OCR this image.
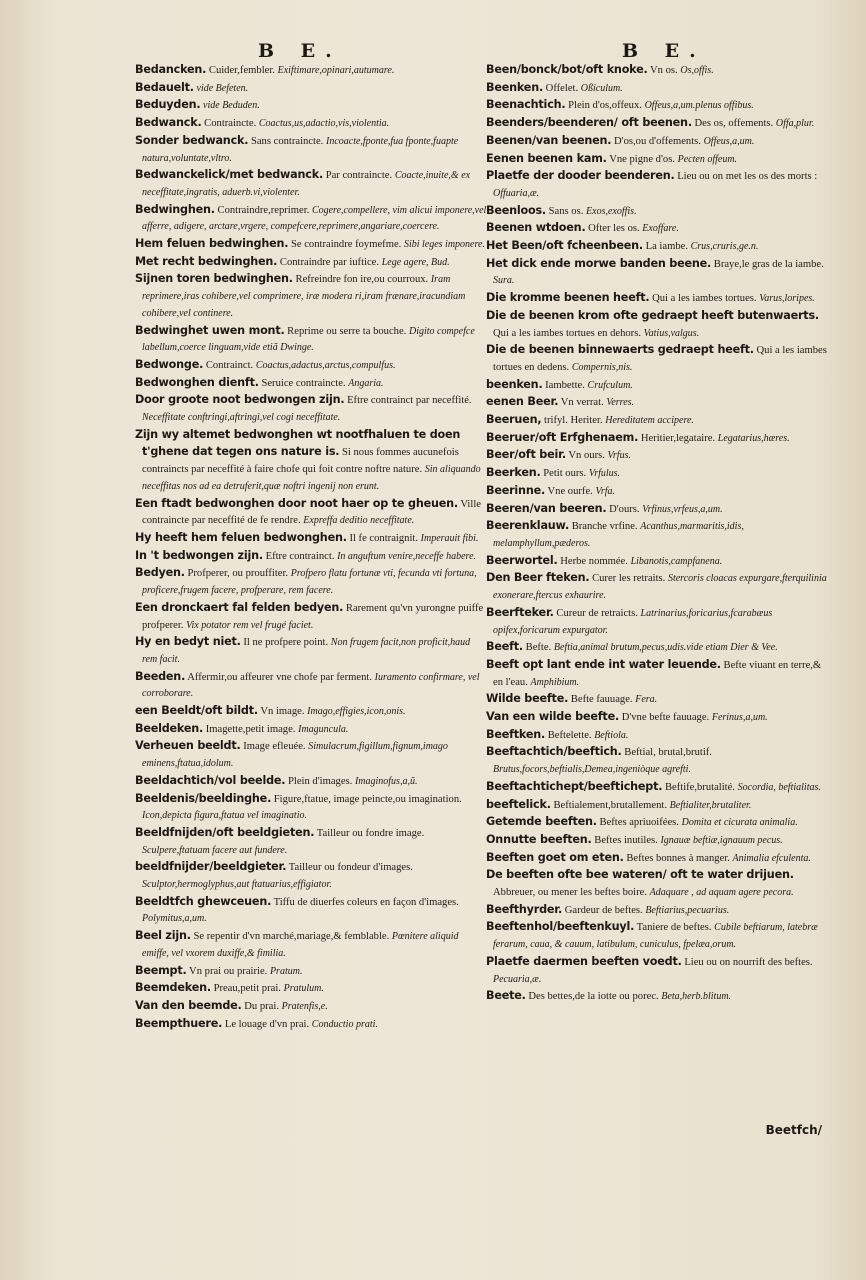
B E.	B E.

Bedancken. Cuider,fembler. Exiftimare,opinari,autumare.

Bedauelt. vide Befeten.

Beduyden. vide Beduden.

Bedwanck. Contraincte. Coactus,us,adactio,vis,violentia.

Sonder bedwanck. Sans contraincte. Incoacte,fponte,fua fponte,fuapte natura,voluntate,vltro.

Bedwanckelick/met bedwanck. Par contraincte. Coacte,inuite,& ex neceffitate,ingratis, aduerb.vi,violenter.

Bedwinghen. Contraindre,reprimer. Cogere,compellere, vim alicui imponere,vel afferre, adigere, arctare,vrgere, compefcere,reprimere,angariare,coercere.

Hem feluen bedwinghen. Se contraindre foymefme. Sibi leges imponere.

Met recht bedwinghen. Contraindre par iuftice. Lege agere, Bud.

Sijnen toren bedwinghen. Refreindre fon ire,ou courroux. Iram reprimere,iras cohibere,vel comprimere, iræ modera ri,iram frænare,iracundiam cohibere,vel continere.

Bedwinghet uwen mont. Reprime ou serre ta bouche. Digito compefce labellum,coerce linguam,vide etiã Dwinge.

Bedwonge. Contrainct. Coactus,adactus,arctus,compulfus.

Bedwonghen dienft. Seruice contraincte. Angaria.

Door groote noot bedwongen zijn. Eftre contrainct par neceffité. Neceffitate conftringi,aftringi,vel cogi neceffitate.

Zijn wy altemet bedwonghen wt nootfhaluen te doen t'ghene dat tegen ons nature is. Si nous fommes aucunefois contraincts par neceffité à faire chofe qui foit contre noftre nature. Sin aliquando neceffitas nos ad ea detruferit,quæ noftri ingenij non erunt.

Een ftadt bedwonghen door noot haer op te gheuen. Ville contraincte par neceffité de fe rendre. Expreffa deditio neceffitate.

Hy heeft hem feluen bedwonghen. Il fe contraignit. Imperauit fibi.

In 't bedwongen zijn. Eftre contrainct. In anguftum venire,neceffe habere.

Bedyen. Profperer, ou prouffiter. Profpero flatu fortunæ vti, fecunda vti fortuna, proficere,frugem facere, profperare, rem facere.

Een dronckaert fal felden bedyen. Rarement qu'vn yurongne puiffe profperer. Vix potator rem vel frugé faciet.

Hy en bedyt niet. Il ne profpere point. Non frugem facit,non proficit,haud rem facit.

Beeden. Affermir,ou affeurer vne chofe par ferment. Iuramento confirmare, vel corroborare.

een Beeldt/oft bildt. Vn image. Imago,effigies,icon,onis.

Beeldeken. Imagette,petit image. Imaguncula.

Verheuen beeldt. Image efleuée. Simulacrum,figillum,fignum,imago eminens,ftatua,idolum.

Beeldachtich/vol beelde. Plein d'images. Imaginofus,a,ũ.

Beeldenis/beeldinghe. Figure,ftatue, image peincte,ou imagination. Icon,depicta figura,ftatua vel imaginatio.

Beeldfnijden/oft beeldgieten. Tailleur ou fondre image. Sculpere,ftatuam facere aut fundere.

beeldfnijder/beeldgieter. Tailleur ou fondeur d'images. Sculptor,hermoglyphus,aut ftatuarius,effigiator.

Beeldtfch ghewceuen. Tiffu de diuerfes coleurs en façon d'images. Polymitus,a,um.

Beel zijn. Se repentir d'vn marché,mariage,& femblable. Pœnitere aliquid emiffe, vel vxorem duxiffe,& fimilia.

Beempt. Vn prai ou prairie. Pratum.

Beemdeken. Preau,petit prai. Pratulum.

Van den beemde. Du prai. Pratenfis,e.

Beempthuere. Le louage d'vn prai. Conductio prati.

Been/bonck/bot/oft knoke. Vn os. Os,offis.

Beenken. Offelet. Oßiculum.

Beenachtich. Plein d'os,offeux. Offeus,a,um.plenus offibus.

Beenders/beenderen/ oft beenen. Des os, offements. Offa,plur.

Beenen/van beenen. D'os,ou d'offements. Offeus,a,um.

Eenen beenen kam. Vne pigne d'os. Pecten offeum.

Plaetfe der dooder beenderen. Lieu ou on met les os des morts : Offuaria,æ.

Beenloos. Sans os. Exos,exoffis.

Beenen wtdoen. Ofter les os. Exoffare.

Het Been/oft fcheenbeen. La iambe. Crus,cruris,ge.n.

Het dick ende morwe banden beene. Braye,le gras de la iambe. Sura.

Die kromme beenen heeft. Qui a les iambes tortues. Varus,loripes.

Die de beenen krom ofte gedraept heeft butenwaerts. Qui a les iambes tortues en dehors. Vatius,valgus.

Die de beenen binnewaerts gedraept heeft. Qui a les iambes tortues en dedens. Compernis,nis.

beenken. Iambette. Crufculum.

eenen Beer. Vn verrat. Verres.

Beeruen, trifyl. Heriter. Hereditatem accipere.

Beeruer/oft Erfghenaem. Heritier,legataire. Legatarius,hæres.

Beer/oft beir. Vn ours. Vrfus.

Beerken. Petit ours. Vrfulus.

Beerinne. Vne ourfe. Vrfa.

Beeren/van beeren. D'ours. Vrfinus,vrfeus,a,um.

Beerenklauw. Branche vrfine. Acanthus,marmaritis,idis, melamphyllum,pæderos.

Beerwortel. Herbe nommée. Libanotis,campfanena.

Den Beer fteken. Curer les retraits. Stercoris cloacas expurgare,fterquilinia exonerare,ftercus exhaurire.

Beerfteker. Cureur de retraicts. Latrinarius,foricarius,fcarabæus opifex,foricarum expurgator.

Beeft. Befte. Beftia,animal brutum,pecus,udis.vide etiam Dier & Vee.

Beeft opt lant ende int water leuende. Befte viuant en terre,& en l'eau. Amphibium.

Wilde beefte. Befte fauuage. Fera.

Van een wilde beefte. D'vne befte fauuage. Ferinus,a,um.

Beeftken. Beftelette. Beftiola.

Beeftachtich/beeftich. Beftial, brutal,brutif. Brutus,focors,beftialis,Demea,ingeniòque agrefti.

Beeftachtichept/beeftichept. Beftife,brutalité. Socordia, beftialitas.

beeftelick. Beftialement,brutallement. Beftialiter,brutaliter.

Getemde beeften. Beftes apriuoifées. Domita et cicurata animalia.

Onnutte beeften. Beftes inutiles. Ignauæ beftiæ,ignauum pecus.

Beeften goet om eten. Beftes bonnes à manger. Animalia efculenta.

De beeften ofte bee wateren/ oft te water drijuen. Abbreuer, ou mener les beftes boire. Adaquare , ad aquam agere pecora.

Beefthyrder. Gardeur de beftes. Beftiarius,pecuarius.

Beeftenhol/beeftenkuyl. Taniere de beftes. Cubile beftiarum, latebræ ferarum, caua, & cauum, latibulum, cuniculus, fpelæa,orum.

Plaetfe daermen beeften voedt. Lieu ou on nourrift des beftes. Pecuaria,æ.

Beete. Des bettes,de la iotte ou porec. Beta,herb.blitum.

Beetfch/
